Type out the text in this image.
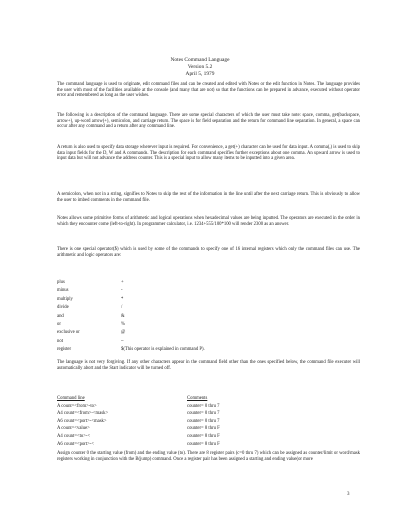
Notes Command Language
Version 5.2
April 5, 1979
The command language is used to originate, edit command files and can be created and edited with Notes or the edit function in Notes. The language provides the user with most of the facilities available at the console (and many that are not) so that the functions can be prepared in advance, executed without operator error and remembered as long as the user wishes.
The following is a description of the command language. There are some special characters of which the user must take note: space, comma, get(backspace, arrow+), up-word arrow(+), semicolon, and carriage return. The space is for field separation and the return for command line separation. In general, a space can occur after any command and a return after any command line.
A return is also used to specify data storage wherever input is required. For convenience, a get(+) character can be used for data input. A comma(,) is used to skip data input fields for the D, W and A commands. The description for each command specifies further exceptions about one comma. An upward arrow is used to input data but will not advance the address counter. This is a special input to allow many items to be inputted into a given area.
A semicolon, when not in a string, signifies to Notes to skip the rest of the information in the line until after the next carriage return. This is obviously to allow the user to imbed comments in the command file.
Notes allows some primitive forms of arithmetic and logical operations when hexadecimal values are being inputted. The operators are executed in the order in which they encounter come (left-to-right). In programmer calculator, i.e. 1234+555/100*100 will render 2300 as an answer.
There is one special operator($) which is used by some of the commands to specify one of 16 internal registers which only the command files can use. The arithmetic and logic operators are:
plus	+
minus	-
multiply	*
divide	/
and	&
or	%
exclusive or	@
not	~
register	$(This operator is explained in command P).
The language is not very forgiving. If any other characters appear in the command field other than the ones specified below, the command file executer will automatically abort and the Start indicator will be turned off.
Command line	Comments
A count=<from>-to>	counter= 0 thru 7
A4 count=<from>-<mask>	counter= 0 thru 7
A6 count=<port>-<mask>	counter= 0 thru 7
A count=<value>	counter= 8 thru F
A4 count=<to>-<	counter= 8 thru F
A6 count=<port>-<	counter= 8 thru F
Assign counter 0 the starting value (from) and the ending value (to). There are 8 register pairs (c=0 thru 7) which can be assigned as counter/limit or word/mask registers working in conjunction with the B(jump) command. Once a register pair has been assigned a starting and ending value(or more
3
